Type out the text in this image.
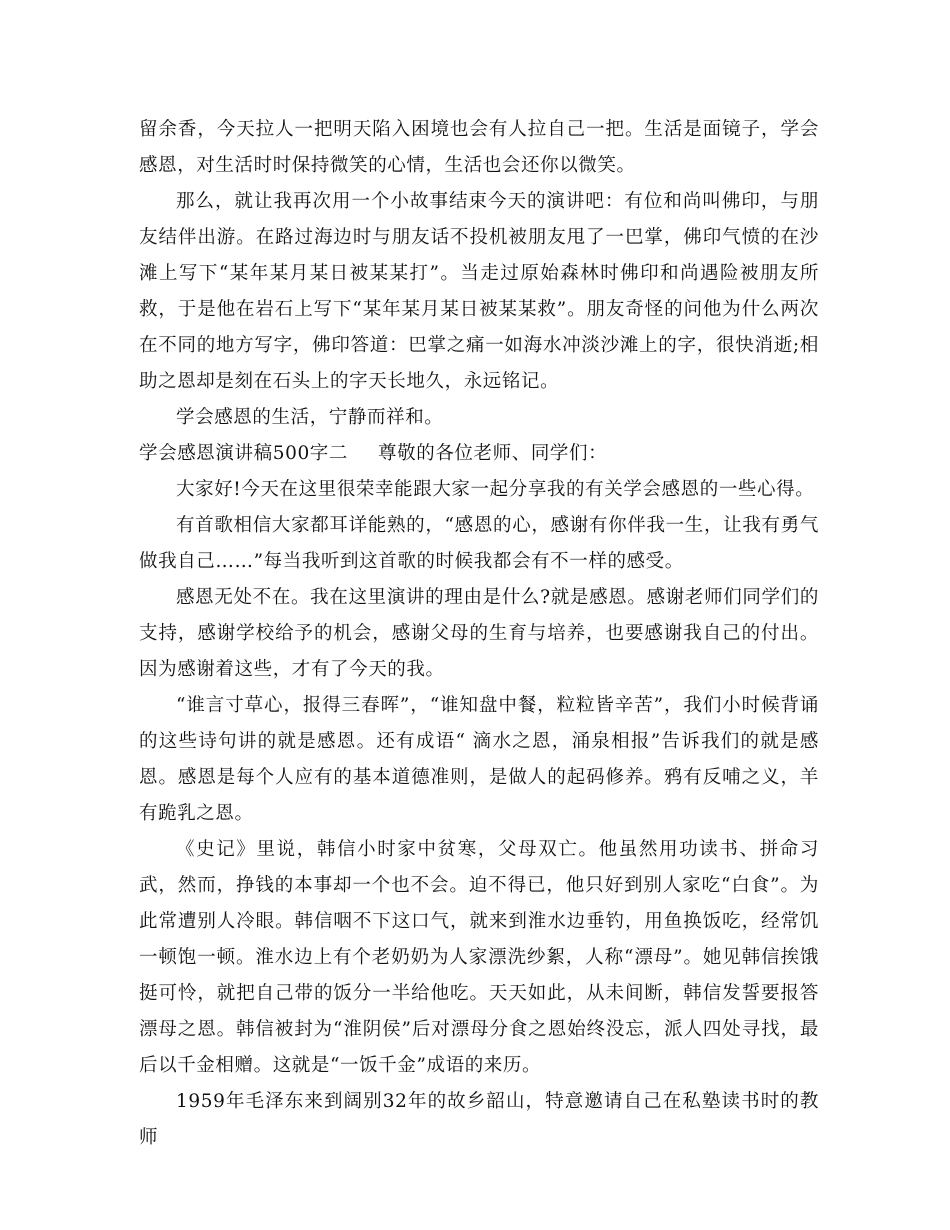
留余香，今天拉人一把明天陷入困境也会有人拉自己一把。生活是面镜子，学会感恩，对生活时时保持微笑的心情，生活也会还你以微笑。

那么，就让我再次用一个小故事结束今天的演讲吧：有位和尚叫佛印，与朋友结伴出游。在路过海边时与朋友话不投机被朋友甩了一巴掌，佛印气愤的在沙滩上写下“某年某月某日被某某打”。当走过原始森林时佛印和尚遇险被朋友所救，于是他在岩石上写下“某年某月某日被某某救”。朋友奇怪的问他为什么两次在不同的地方写字，佛印答道：巴掌之痛一如海水冲淡沙滩上的字，很快消逝;相助之恩却是刻在石头上的字天长地久，永远铭记。

学会感恩的生活，宁静而祥和。

学会感恩演讲稿500字二 尊敬的各位老师、同学们：

大家好!今天在这里很荣幸能跟大家一起分享我的有关学会感恩的一些心得。

有首歌相信大家都耳详能熟的，“感恩的心，感谢有你伴我一生，让我有勇气做我自己……”每当我听到这首歌的时候我都会有不一样的感受。

感恩无处不在。我在这里演讲的理由是什么?就是感恩。感谢老师们同学们的支持，感谢学校给予的机会，感谢父母的生育与培养，也要感谢我自己的付出。因为感谢着这些，才有了今天的我。

“谁言寸草心，报得三春晖”，“谁知盘中餐，粒粒皆辛苦”，我们小时候背诵的这些诗句讲的就是感恩。还有成语“ 滴水之恩，涌泉相报”告诉我们的就是感恩。感恩是每个人应有的基本道德准则，是做人的起码修养。鸦有反哺之义，羊有跪乳之恩。

《史记》里说，韩信小时家中贫寒，父母双亡。他虽然用功读书、拼命习武，然而，挣钱的本事却一个也不会。迫不得已，他只好到别人家吃“白食”。为此常遭别人冷眼。韩信咽不下这口气，就来到淮水边垂钓，用鱼换饭吃，经常饥一顿饱一顿。淮水边上有个老奶奶为人家漂洗纱絮，人称“漂母”。她见韩信挨饿挺可怜，就把自己带的饭分一半给他吃。天天如此，从未间断，韩信发誓要报答漂母之恩。韩信被封为“淮阴侯”后对漂母分食之恩始终没忘，派人四处寻找，最后以千金相赠。这就是“一饭千金”成语的来历。

1959年毛泽东来到阔别32年的故乡韶山，特意邀请自己在私塾读书时的教师
